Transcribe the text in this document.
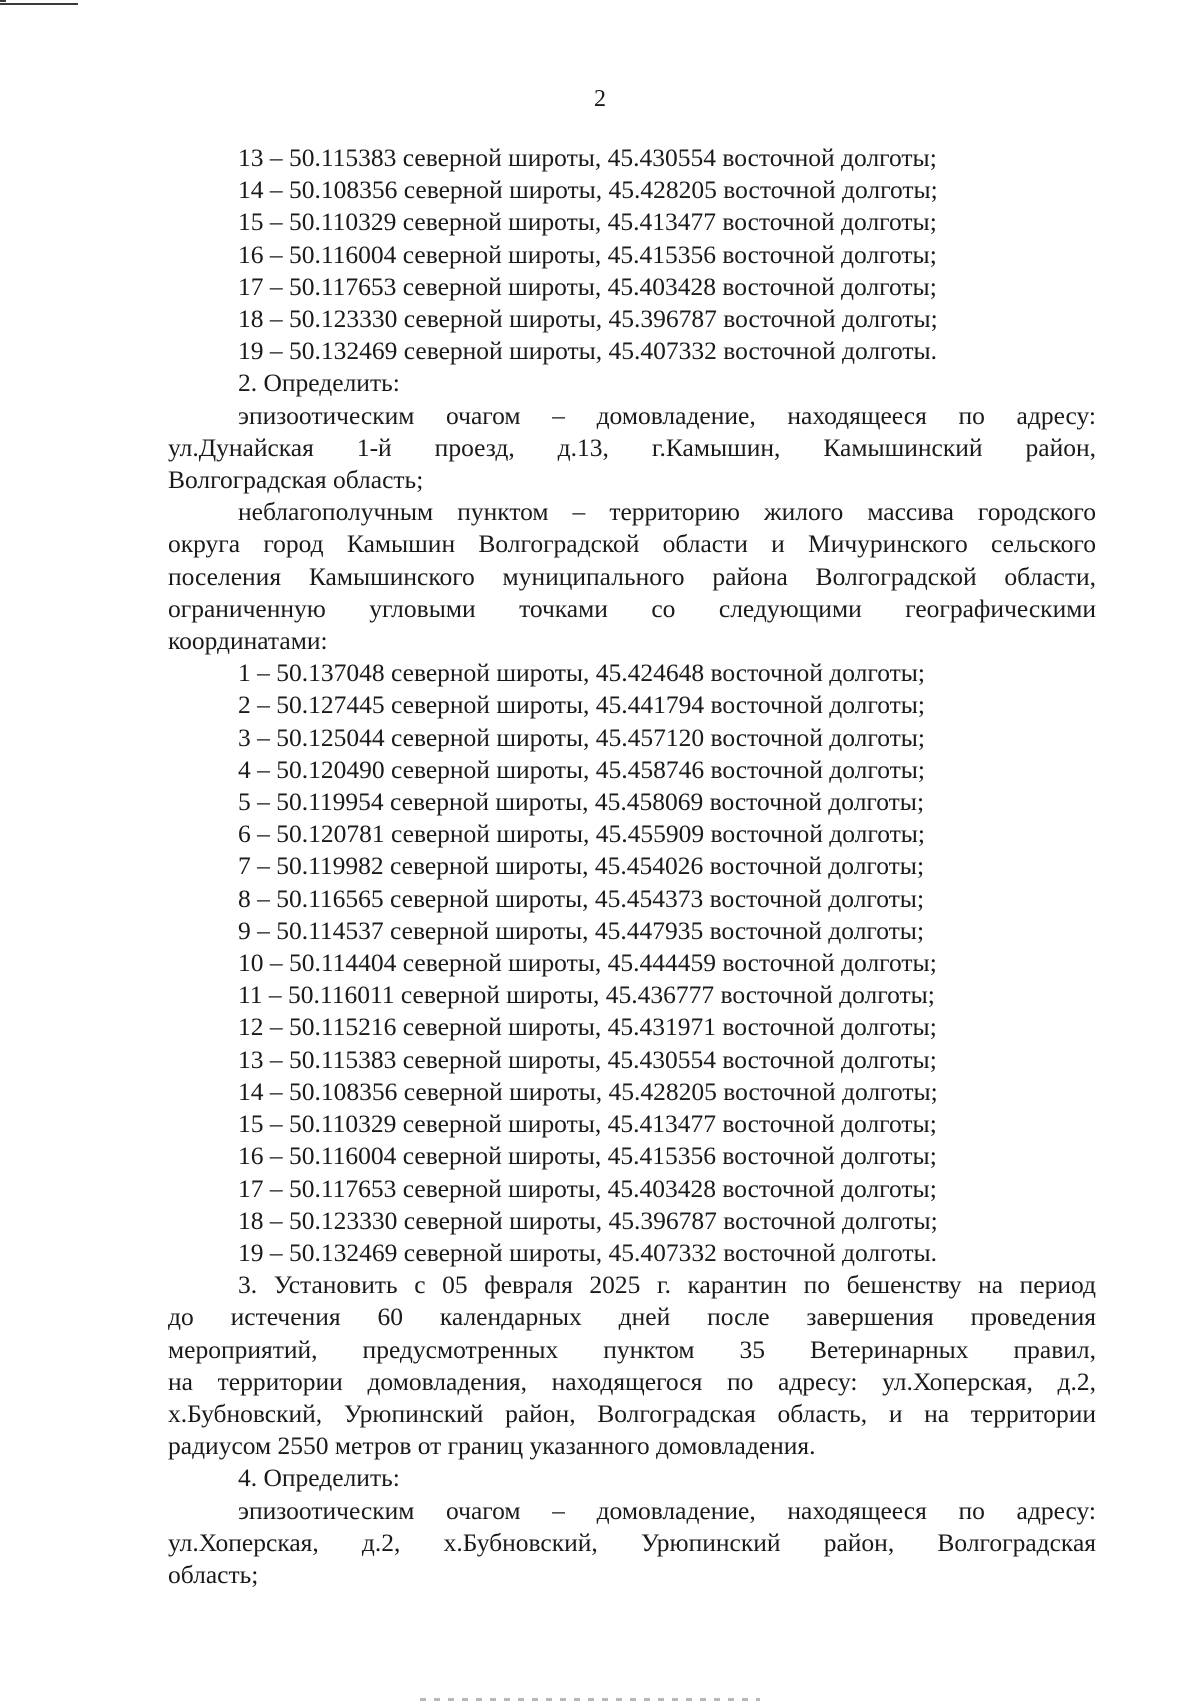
2

13 – 50.115383 северной широты, 45.430554 восточной долготы;

14 – 50.108356 северной широты, 45.428205 восточной долготы;

15 – 50.110329 северной широты, 45.413477 восточной долготы;

16 – 50.116004 северной широты, 45.415356 восточной долготы;

17 – 50.117653 северной широты, 45.403428 восточной долготы;

18 – 50.123330 северной широты, 45.396787 восточной долготы;

19 – 50.132469 северной широты, 45.407332 восточной долготы.

2. Определить:

эпизоотическим очагом – домовладение, находящееся по адресу:

ул.Дунайская 1-й проезд, д.13, г.Камышин, Камышинский район,

Волгоградская область;

неблагополучным пунктом – территорию жилого массива городского

округа город Камышин Волгоградской области и Мичуринского сельского

поселения Камышинского муниципального района Волгоградской области,

ограниченную угловыми точками со следующими географическими

координатами:

1 – 50.137048 северной широты, 45.424648 восточной долготы;

2 – 50.127445 северной широты, 45.441794 восточной долготы;

3 – 50.125044 северной широты, 45.457120 восточной долготы;

4 – 50.120490 северной широты, 45.458746 восточной долготы;

5 – 50.119954 северной широты, 45.458069 восточной долготы;

6 – 50.120781 северной широты, 45.455909 восточной долготы;

7 – 50.119982 северной широты, 45.454026 восточной долготы;

8 – 50.116565 северной широты, 45.454373 восточной долготы;

9 – 50.114537 северной широты, 45.447935 восточной долготы;

10 – 50.114404 северной широты, 45.444459 восточной долготы;

11 – 50.116011 северной широты, 45.436777 восточной долготы;

12 – 50.115216 северной широты, 45.431971 восточной долготы;

13 – 50.115383 северной широты, 45.430554 восточной долготы;

14 – 50.108356 северной широты, 45.428205 восточной долготы;

15 – 50.110329 северной широты, 45.413477 восточной долготы;

16 – 50.116004 северной широты, 45.415356 восточной долготы;

17 – 50.117653 северной широты, 45.403428 восточной долготы;

18 – 50.123330 северной широты, 45.396787 восточной долготы;

19 – 50.132469 северной широты, 45.407332 восточной долготы.

3. Установить с 05 февраля 2025 г. карантин по бешенству на период

до истечения 60 календарных дней после завершения проведения

мероприятий, предусмотренных пунктом 35 Ветеринарных правил,

на территории домовладения, находящегося по адресу: ул.Хоперская, д.2,

х.Бубновский, Урюпинский район, Волгоградская область, и на территории

радиусом 2550 метров от границ указанного домовладения.

4. Определить:

эпизоотическим очагом – домовладение, находящееся по адресу:

ул.Хоперская, д.2, х.Бубновский, Урюпинский район, Волгоградская

область;
